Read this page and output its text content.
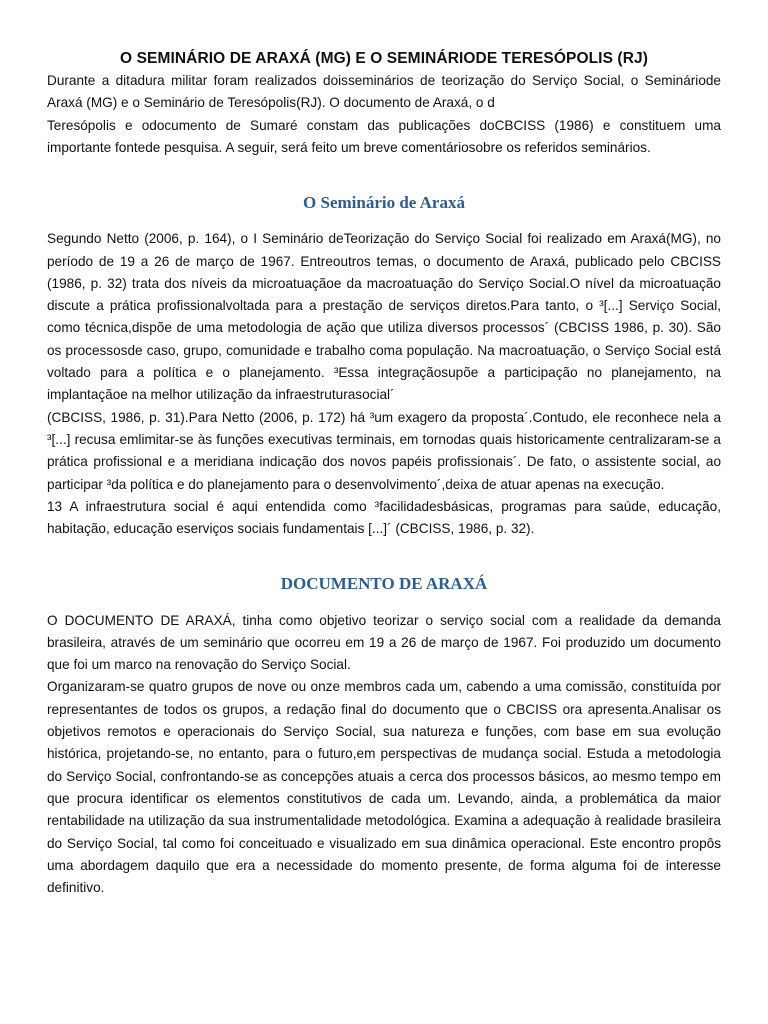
O SEMINÁRIO DE ARAXÁ (MG) E O SEMINÁRIODE TERESÓPOLIS (RJ)

Durante a ditadura militar foram realizados doisseminários de teorização do Serviço Social, o Semináriode Araxá (MG) e o Seminário de Teresópolis(RJ). O documento de Araxá, o d

Teresópolis e odocumento de Sumaré constam das publicações doCBCISS (1986) e constituem uma importante fontede pesquisa. A seguir, será feito um breve comentáriosobre os referidos seminários.

O Seminário de Araxá

Segundo Netto (2006, p. 164), o I Seminário deTeorização do Serviço Social foi realizado em Araxá(MG), no período de 19 a 26 de março de 1967. Entreoutros temas, o documento de Araxá, publicado pelo CBCISS (1986, p. 32) trata dos níveis da microatuaçãoe da macroatuação do Serviço Social.O nível da microatuação discute a prática profissionalvoltada para a prestação de serviços diretos.Para tanto, o ³[...] Serviço Social, como técnica,dispõe de uma metodologia de ação que utiliza diversos processos´ (CBCISS 1986, p. 30). São os processosde caso, grupo, comunidade e trabalho coma população. Na macroatuação, o Serviço Social está voltado para a política e o planejamento. ³Essa integraçãosupõe a participação no planejamento, na implantaçãoe na melhor utilização da infraestruturasocial´

(CBCISS, 1986, p. 31).Para Netto (2006, p. 172) há ³um exagero da proposta´.Contudo, ele reconhece nela a ³[...] recusa emlimitar-se às funções executivas terminais, em tornodas quais historicamente centralizaram-se a prática profissional e a meridiana indicação dos novos papéis profissionais´. De fato, o assistente social, ao participar ³da política e do planejamento para o desenvolvimento´,deixa de atuar apenas na execução.

13 A infraestrutura social é aqui entendida como ³facilidadesbásicas, programas para saúde, educação, habitação, educação eserviços sociais fundamentais [...]´ (CBCISS, 1986, p. 32).

DOCUMENTO DE ARAXÁ

O DOCUMENTO DE ARAXÁ, tinha como objetivo teorizar o serviço social com a realidade da demanda brasileira, através de um seminário que ocorreu em 19 a 26 de março de 1967. Foi produzido um documento que foi um marco na renovação do Serviço Social.

Organizaram-se quatro grupos de nove ou onze membros cada um, cabendo a uma comissão, constituída por representantes de todos os grupos, a redação final do documento que o CBCISS ora apresenta.Analisar os objetivos remotos e operacionais do Serviço Social, sua natureza e funções, com base em sua evolução histórica, projetando-se, no entanto, para o futuro,em perspectivas de mudança social. Estuda a metodologia do Serviço Social, confrontando-se as concepções atuais a cerca dos processos básicos, ao mesmo tempo em que procura identificar os elementos constitutivos de cada um. Levando, ainda, a problemática da maior rentabilidade na utilização da sua instrumentalidade metodológica. Examina a adequação à realidade brasileira do Serviço Social, tal como foi conceituado e visualizado em sua dinâmica operacional. Este encontro propôs uma abordagem daquilo que era a necessidade do momento presente, de forma alguma foi de interesse definitivo.
